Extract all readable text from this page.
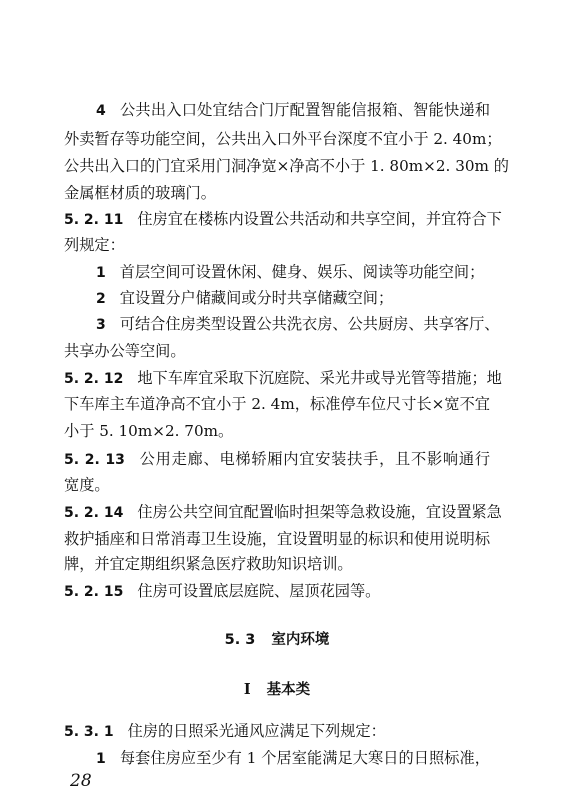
4 公共出入口处宜结合门厅配置智能信报箱、智能快递和
外卖暂存等功能空间，公共出入口外平台深度不宜小于 2. 40m；
公共出入口的门宜采用门洞净宽×净高不小于 1. 80m×2. 30m 的
金属框材质的玻璃门。
5. 2. 11 住房宜在楼栋内设置公共活动和共享空间，并宜符合下
列规定：
1 首层空间可设置休闲、健身、娱乐、阅读等功能空间；
2 宜设置分户储藏间或分时共享储藏空间；
3 可结合住房类型设置公共洗衣房、公共厨房、共享客厅、
共享办公等空间。
5. 2. 12 地下车库宜采取下沉庭院、采光井或导光管等措施；地
下车库主车道净高不宜小于 2. 4m，标准停车位尺寸长×宽不宜
小于 5. 10m×2. 70m。
5. 2. 13 公用走廊、电梯轿厢内宜安装扶手，且不影响通行
宽度。
5. 2. 14 住房公共空间宜配置临时担架等急救设施，宜设置紧急
救护插座和日常消毒卫生设施，宜设置明显的标识和使用说明标
牌，并宜定期组织紧急医疗救助知识培训。
5. 2. 15 住房可设置底层庭院、屋顶花园等。
5. 3 室内环境
I 基本类
5. 3. 1 住房的日照采光通风应满足下列规定：
1 每套住房应至少有 1 个居室能满足大寒日的日照标准，
28
